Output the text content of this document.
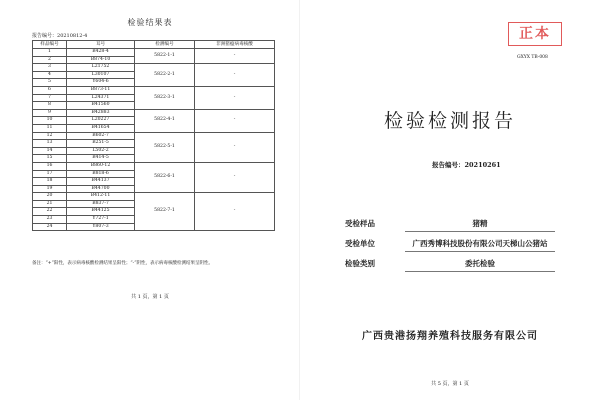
检验结果表
报告编号：20210812-4
样品编号	耳号	检测编号	非洲猪瘟病毒核酸
1	B428-4	5822-1-1	-
2	B874-10		
3	L21752	5822-2-1	-
4	L30107		
5	Y604-6		
6	B873-11	5822-3-1	-
7	L24371		
8	B41560		
9	B42883	5822-4-1	-
10	L20227		
11	B41654		
12	B602-7	5822-5-1	-
13	B251-5		
14	L502-2		
15	B414-5		
16	B860-12	5822-6-1	-
17	B818-6		
18	B44137		
19	B44700		
20	B412-11	5822-7-1	-
21	B837-7		
22	B44125		
23	Y727-1		
24	Y807-3		
备注：“+”阳性，表示病毒核酸检测结果呈阳性；“-”阴性，表示病毒核酸检测结果呈阴性。
共 1 页，第 1 页
正本
GXYX TB-008
检验检测报告
报告编号：20210261
受检样品	猪精
受检单位	广西秀博科技股份有限公司天梯山公猪站
检验类别	委托检验
广西贵港扬翔养殖科技服务有限公司
共 5 页，第 1 页
